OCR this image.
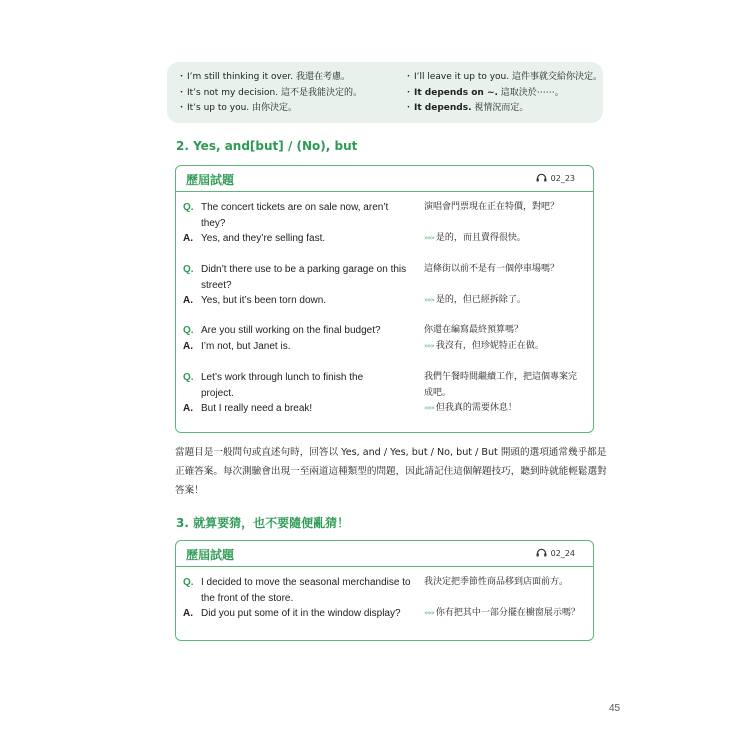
・I’m still thinking it over. 我還在考慮。
・It’s not my decision. 這不是我能決定的。
・It’s up to you. 由你決定。
・I’ll leave it up to you. 這件事就交給你決定。
・It depends on ~. 這取決於⋯⋯。
・It depends. 視情況而定。
2. Yes, and[but] / (No), but
歷屆試題	02_23
Q. The concert tickets are on sale now, aren’t
they?
A. Yes, and they’re selling fast.
演唱會門票現在正在特價，對吧？
»»» 是的，而且賣得很快。
Q. Didn’t there use to be a parking garage on this
street?
A. Yes, but it’s been torn down.
這條街以前不是有一個停車場嗎？
»»» 是的，但已經拆除了。
Q. Are you still working on the final budget?
A. I’m not, but Janet is.
你還在編寫最終預算嗎？
»»» 我沒有，但珍妮特正在做。
Q. Let’s work through lunch to finish the
project.
A. But I really need a break!
我們午餐時間繼續工作，把這個專案完
成吧。
»»» 但我真的需要休息！
當題目是一般問句或直述句時，回答以 Yes, and / Yes, but / No, but / But 開頭的選項通常幾乎都是正確答案。每次測驗會出現一至兩道這種類型的問題，因此請記住這個解題技巧，聽到時就能輕鬆選對答案！
3. 就算要猜，也不要隨便亂猜！
歷屆試題	02_24
Q. I decided to move the seasonal merchandise to
the front of the store.
A. Did you put some of it in the window display?
我決定把季節性商品移到店面前方。
»»» 你有把其中一部分擺在櫥窗展示嗎？
45
